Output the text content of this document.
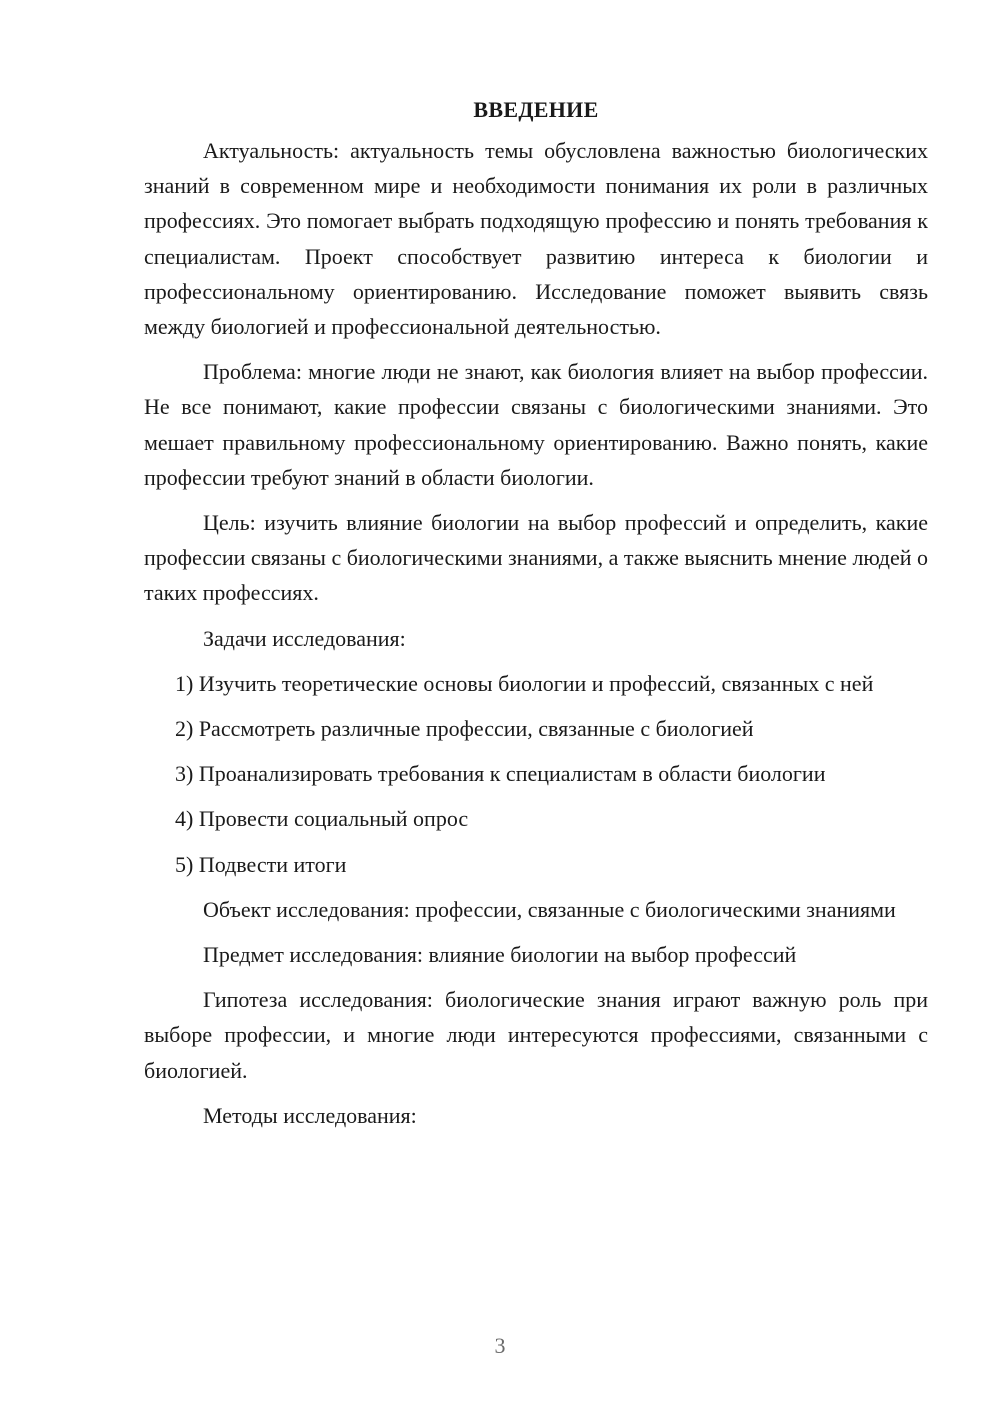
ВВЕДЕНИЕ

Актуальность: актуальность темы обусловлена важностью биологических знаний в современном мире и необходимости понимания их роли в различных профессиях. Это помогает выбрать подходящую профессию и понять требования к специалистам. Проект способствует развитию интереса к биологии и профессиональному ориентированию. Исследование поможет выявить связь между биологией и профессиональной деятельностью.

Проблема: многие люди не знают, как биология влияет на выбор профессии. Не все понимают, какие профессии связаны с биологическими знаниями. Это мешает правильному профессиональному ориентированию. Важно понять, какие профессии требуют знаний в области биологии.

Цель: изучить влияние биологии на выбор профессий и определить, какие профессии связаны с биологическими знаниями, а также выяснить мнение людей о таких профессиях.

Задачи исследования:

1) Изучить теоретические основы биологии и профессий, связанных с ней

2) Рассмотреть различные профессии, связанные с биологией

3) Проанализировать требования к специалистам в области биологии

4) Провести социальный опрос

5) Подвести итоги

Объект исследования: профессии, связанные с биологическими знаниями

Предмет исследования: влияние биологии на выбор профессий

Гипотеза исследования: биологические знания играют важную роль при выборе профессии, и многие люди интересуются профессиями, связанными с биологией.

Методы исследования:

3
